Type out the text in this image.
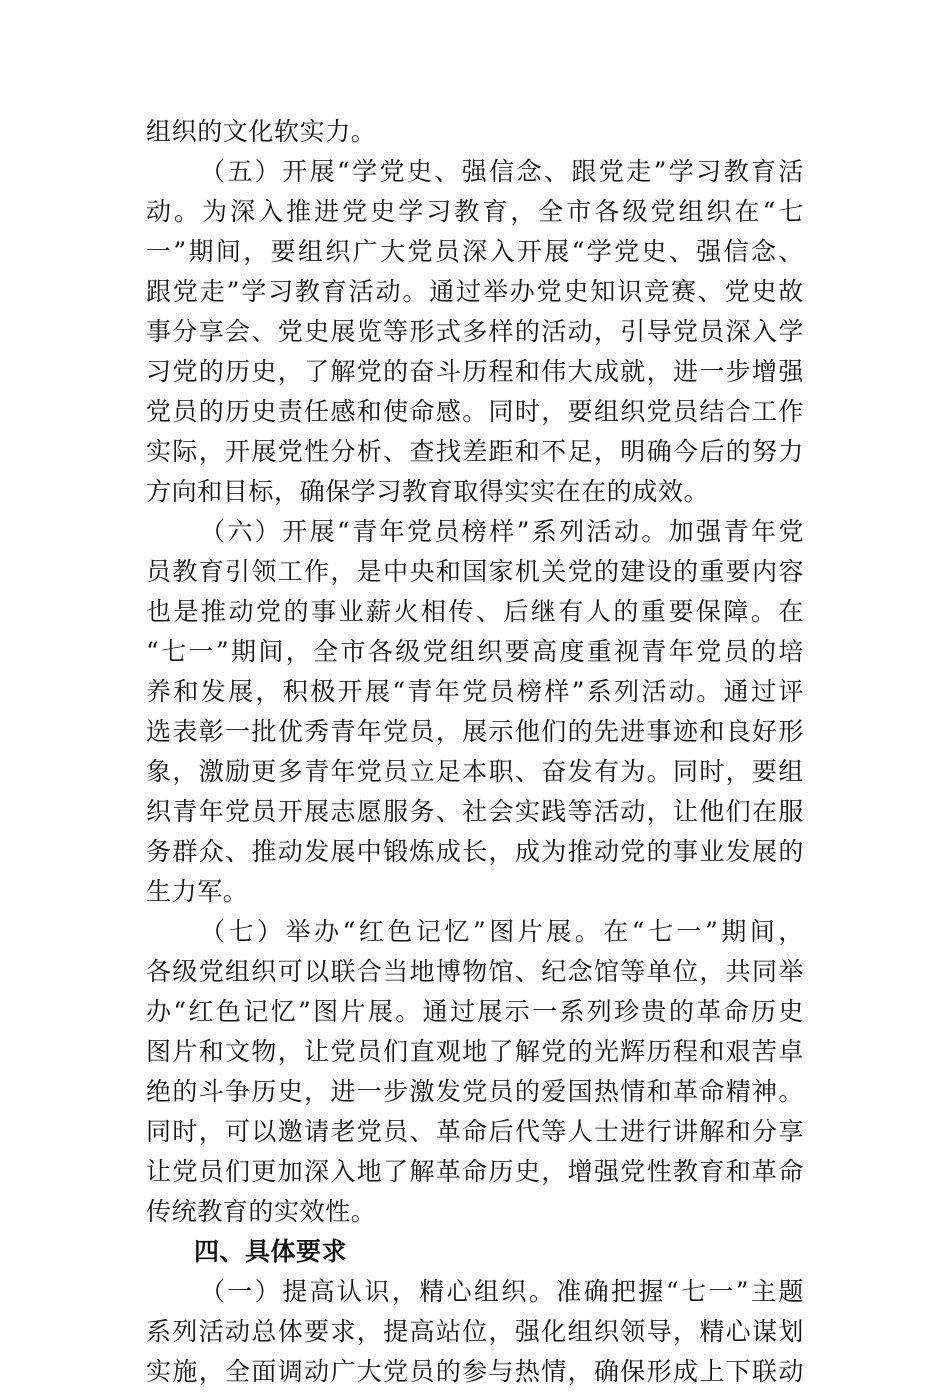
组织的文化软实力。
（五）开展“学党史、强信念、跟党走”学习教育活
动。为深入推进党史学习教育，全市各级党组织在“七
一”期间，要组织广大党员深入开展“学党史、强信念、
跟党走”学习教育活动。通过举办党史知识竞赛、党史故
事分享会、党史展览等形式多样的活动，引导党员深入学
习党的历史，了解党的奋斗历程和伟大成就，进一步增强
党员的历史责任感和使命感。同时，要组织党员结合工作
实际，开展党性分析、查找差距和不足，明确今后的努力
方向和目标，确保学习教育取得实实在在的成效。
（六）开展“青年党员榜样”系列活动。加强青年党
员教育引领工作，是中央和国家机关党的建设的重要内容
也是推动党的事业薪火相传、后继有人的重要保障。在
“七一”期间，全市各级党组织要高度重视青年党员的培
养和发展，积极开展“青年党员榜样”系列活动。通过评
选表彰一批优秀青年党员，展示他们的先进事迹和良好形
象，激励更多青年党员立足本职、奋发有为。同时，要组
织青年党员开展志愿服务、社会实践等活动，让他们在服
务群众、推动发展中锻炼成长，成为推动党的事业发展的
生力军。
（七）举办“红色记忆”图片展。在“七一”期间，
各级党组织可以联合当地博物馆、纪念馆等单位，共同举
办“红色记忆”图片展。通过展示一系列珍贵的革命历史
图片和文物，让党员们直观地了解党的光辉历程和艰苦卓
绝的斗争历史，进一步激发党员的爱国热情和革命精神。
同时，可以邀请老党员、革命后代等人士进行讲解和分享
让党员们更加深入地了解革命历史，增强党性教育和革命
传统教育的实效性。
四、具体要求
（一）提高认识，精心组织。准确把握“七一”主题
系列活动总体要求，提高站位，强化组织领导，精心谋划
实施，全面调动广大党员的参与热情，确保形成上下联动
